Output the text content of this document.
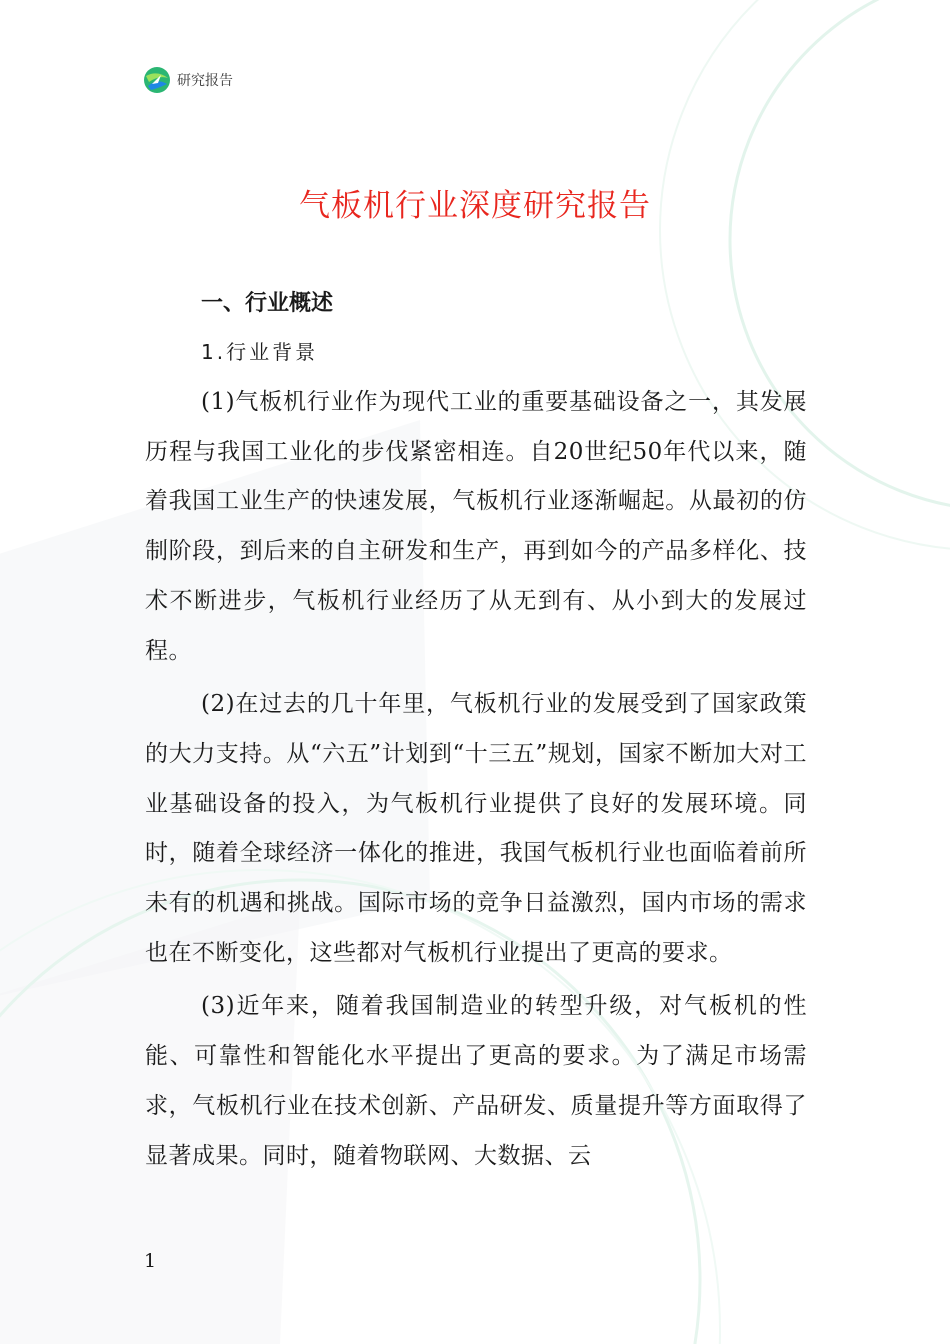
研究报告
气板机行业深度研究报告
一、行业概述
1.行业背景

(1)气板机行业作为现代工业的重要基础设备之一，其发展历程与我国工业化的步伐紧密相连。自20世纪50年代以来，随着我国工业生产的快速发展，气板机行业逐渐崛起。从最初的仿制阶段，到后来的自主研发和生产，再到如今的产品多样化、技术不断进步，气板机行业经历了从无到有、从小到大的发展过程。

(2)在过去的几十年里，气板机行业的发展受到了国家政策的大力支持。从“六五”计划到“十三五”规划，国家不断加大对工业基础设备的投入，为气板机行业提供了良好的发展环境。同时，随着全球经济一体化的推进，我国气板机行业也面临着前所未有的机遇和挑战。国际市场的竞争日益激烈，国内市场的需求也在不断变化，这些都对气板机行业提出了更高的要求。

(3)近年来，随着我国制造业的转型升级，对气板机的性能、可靠性和智能化水平提出了更高的要求。为了满足市场需求，气板机行业在技术创新、产品研发、质量提升等方面取得了显著成果。同时，随着物联网、大数据、云

1
